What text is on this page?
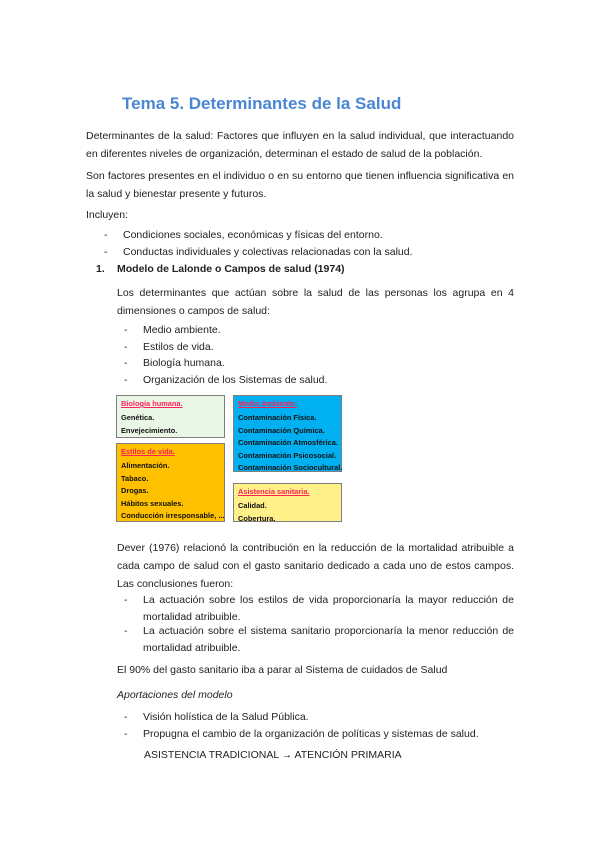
Tema 5. Determinantes de la Salud
Determinantes de la salud: Factores que influyen en la salud individual, que interactuando en diferentes niveles de organización, determinan el estado de salud de la población.
Son factores presentes en el individuo o en su entorno que tienen influencia significativa en la salud y bienestar presente y futuros.
Incluyen:
- Condiciones sociales, económicas y físicas del entorno.
- Conductas individuales y colectivas relacionadas con la salud.
1. Modelo de Lalonde o Campos de salud (1974)
Los determinantes que actúan sobre la salud de las personas los agrupa en 4 dimensiones o campos de salud:
- Medio ambiente.
- Estilos de vida.
- Biología humana.
- Organización de los Sistemas de salud.
Biología humana.
Genética.
Envejecimiento.
Estilos de vida.
Alimentación.
Tabaco.
Drogas.
Hábitos sexuales.
Conducción irresponsable, ...
Medio Ambiente.
Contaminación Física.
Contaminación Química.
Contaminación Atmosférica.
Contaminación Psicosocial.
Contaminación Sociocultural.
Asistencia sanitaria.
Calidad.
Cobertura.
Dever (1976) relacionó la contribución en la reducción de la mortalidad atribuible a cada campo de salud con el gasto sanitario dedicado a cada uno de estos campos. Las conclusiones fueron:
- La actuación sobre los estilos de vida proporcionaría la mayor reducción de mortalidad atribuible.
- La actuación sobre el sistema sanitario proporcionaría la menor reducción de mortalidad atribuible.
El 90% del gasto sanitario iba a parar al Sistema de cuidados de Salud
Aportaciones del modelo
- Visión holística de la Salud Pública.
- Propugna el cambio de la organización de políticas y sistemas de salud.
ASISTENCIA TRADICIONAL → ATENCIÓN PRIMARIA
